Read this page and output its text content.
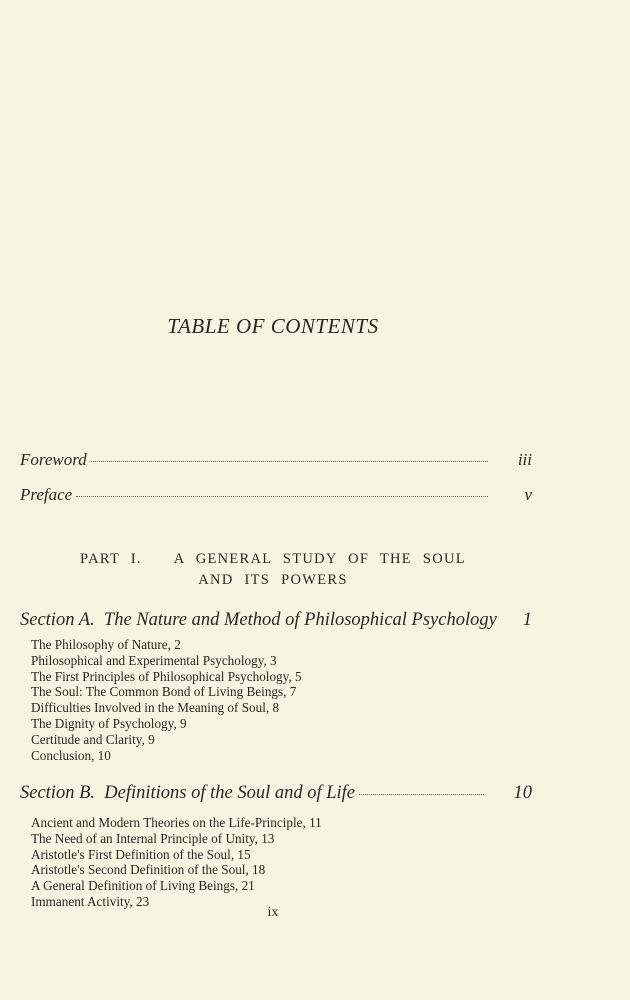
TABLE OF CONTENTS
Foreword	iii
Preface	v
PART I.   A GENERAL STUDY OF THE SOUL
AND ITS POWERS
Section A.  The Nature and Method of Philosophical Psychology	1
The Philosophy of Nature, 2
Philosophical and Experimental Psychology, 3
The First Principles of Philosophical Psychology, 5
The Soul: The Common Bond of Living Beings, 7
Difficulties Involved in the Meaning of Soul, 8
The Dignity of Psychology, 9
Certitude and Clarity, 9
Conclusion, 10
Section B.  Definitions of the Soul and of Life	10
Ancient and Modern Theories on the Life-Principle, 11
The Need of an Internal Principle of Unity, 13
Aristotle's First Definition of the Soul, 15
Aristotle's Second Definition of the Soul, 18
A General Definition of Living Beings, 21
Immanent Activity, 23
ix
